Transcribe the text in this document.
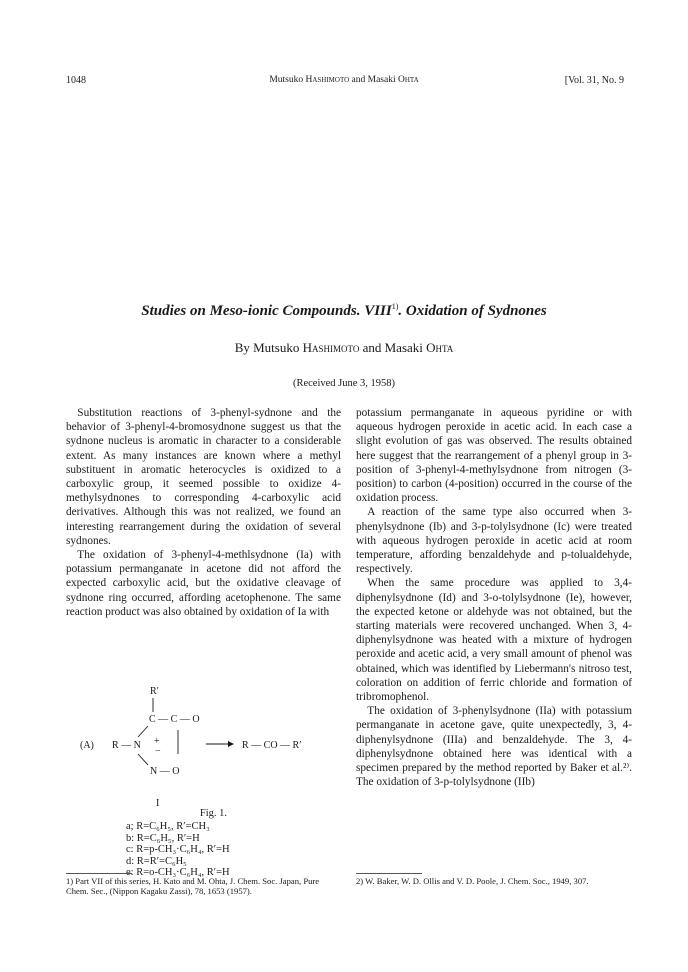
1048	Mutsuko Hashimoto and Masaki Ohta	[Vol. 31, No. 9
Studies on Meso-ionic Compounds. VIII$^{1)}$. Oxidation of Sydnones
By Mutsuko Hashimoto and Masaki Ohta
(Received June 3, 1958)

Substitution reactions of 3-phenyl-sydnone and the behavior of 3-phenyl-4-bromosydnone suggest us that the sydnone nucleus is aromatic in character to a considerable extent. As many instances are known where a methyl substituent in aromatic heterocycles is oxidized to a carboxylic group, it seemed possible to oxidize 4-methylsydnones to corresponding 4-carboxylic acid derivatives. Although this was not realized, we found an interesting rearrangement during the oxidation of several sydnones.

The oxidation of 3-phenyl-4-methlsydnone (Ia) with potassium permanganate in acetone did not afford the expected carboxylic acid, but the oxidative cleavage of sydnone ring occurred, affording acetophenone. The same reaction product was also obtained by oxidation of Ia with

R′
C — C — O
(A) R — N +
−
N — O
R — CO — R′
I
Fig. 1.
a; R=C₆H₅, R′=CH₃
b: R=C₆H₅, R′=H
c: R=p-CH₃·C₆H₄, R′=H
d: R=R′=C₆H₅
e: R=o-CH₃·C₆H₄, R′=H

potassium permanganate in aqueous pyridine or with aqueous hydrogen peroxide in acetic acid. In each case a slight evolution of gas was observed. The results obtained here suggest that the rearrangement of a phenyl group in 3-position of 3-phenyl-4-methylsydnone from nitrogen (3-position) to carbon (4-position) occurred in the course of the oxidation process.

A reaction of the same type also occurred when 3-phenylsydnone (Ib) and 3-p-tolylsydnone (Ic) were treated with aqueous hydrogen peroxide in acetic acid at room temperature, affording benzaldehyde and p-tolualdehyde, respectively.

When the same procedure was applied to 3,4-diphenylsydnone (Id) and 3-o-tolylsydnone (Ie), however, the expected ketone or aldehyde was not obtained, but the starting materials were recovered unchanged. When 3, 4-diphenylsydnone was heated with a mixture of hydrogen peroxide and acetic acid, a very small amount of phenol was obtained, which was identified by Liebermann's nitroso test, coloration on addition of ferric chloride and formation of tribromophenol.

The oxidation of 3-phenylsydnone (IIa) with potassium permanganate in acetone gave, quite unexpectedly, 3, 4-diphenylsydnone (IIIa) and benzaldehyde. The 3, 4-diphenylsydnone obtained here was identical with a specimen prepared by the method reported by Baker et al.²⁾. The oxidation of 3-p-tolylsydnone (IIb)

1) Part VII of this series, H. Kato and M. Ohta, J. Chem. Soc. Japan, Pure Chem. Sec., (Nippon Kagaku Zassi), 78, 1653 (1957).
2) W. Baker, W. D. Ollis and V. D. Poole, J. Chem. Soc., 1949, 307.
